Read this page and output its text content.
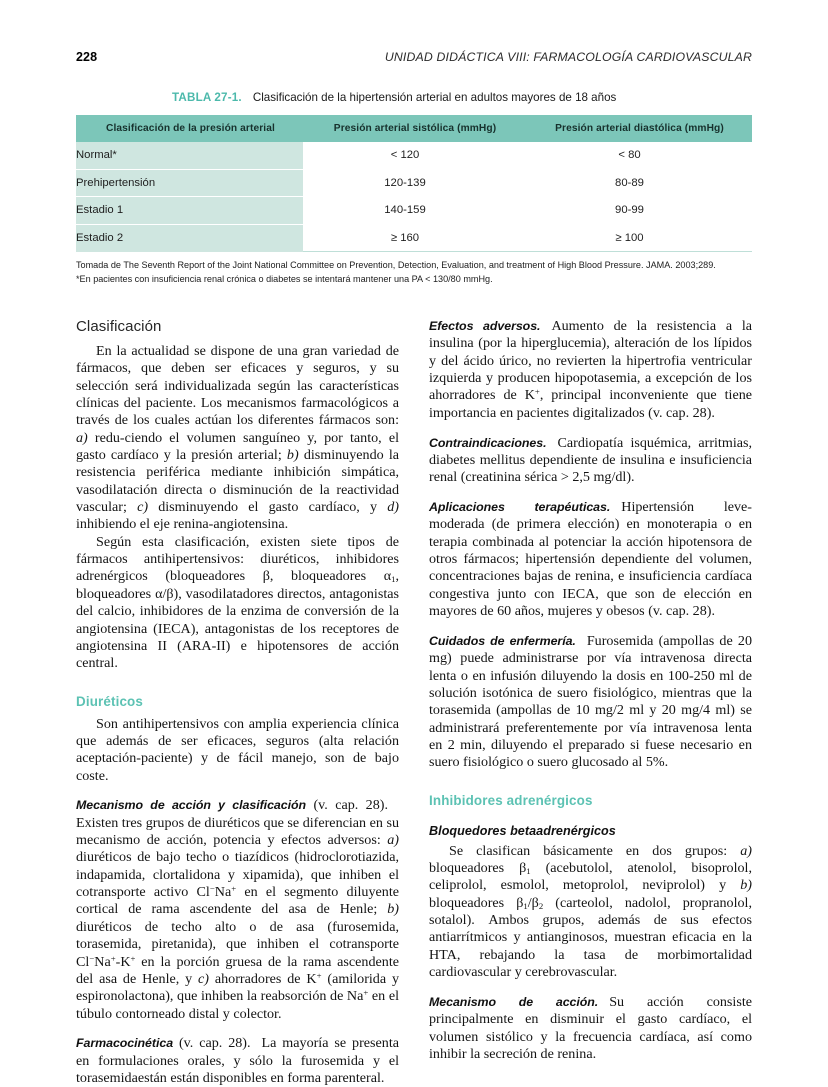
228	UNIDAD DIDÁCTICA VIII: FARMACOLOGÍA CARDIOVASCULAR
TABLA 27-1. Clasificación de la hipertensión arterial en adultos mayores de 18 años
Clasificación de la presión arterial	Presión arterial sistólica (mmHg)	Presión arterial diastólica (mmHg)
Normal*	< 120	< 80
Prehipertensión	120-139	80-89
Estadio 1	140-159	90-99
Estadio 2	≥ 160	≥ 100

Tomada de The Seventh Report of the Joint National Committee on Prevention, Detection, Evaluation, and treatment of High Blood Pressure. JAMA. 2003;289.

*En pacientes con insuficiencia renal crónica o diabetes se intentará mantener una PA < 130/80 mmHg.

Clasificación

En la actualidad se dispone de una gran variedad de fármacos, que deben ser eficaces y seguros, y su selección será individualizada según las características clínicas del paciente. Los mecanismos farmacológicos a través de los cuales actúan los diferentes fármacos son: a) redu-ciendo el volumen sanguíneo y, por tanto, el gasto cardíaco y la presión arterial; b) disminuyendo la resistencia periférica mediante inhibición simpática, vasodilatación directa o disminución de la reactividad vascular; c) disminuyendo el gasto cardíaco, y d) inhibiendo el eje renina-angiotensina.

Según esta clasificación, existen siete tipos de fármacos antihipertensivos: diuréticos, inhibidores adrenérgicos (bloqueadores β, bloqueadores $\alpha_1$, bloqueadores α/β), vasodilatadores directos, antagonistas del calcio, inhibidores de la enzima de conversión de la angiotensina (IECA), antagonistas de los receptores de angiotensina II (ARA-II) e hipotensores de acción central.

Diuréticos

Son antihipertensivos con amplia experiencia clínica que además de ser eficaces, seguros (alta relación aceptación-paciente) y de fácil manejo, son de bajo coste.

Mecanismo de acción y clasificación (v. cap. 28).Existen tres grupos de diuréticos que se diferencian en su mecanismo de acción, potencia y efectos adversos: a) diuréticos de bajo techo o tiazídicos (hidroclorotiazida, indapamida, clortalidona y xipamida), que inhiben el cotransporte activo Cl−Na+ en el segmento diluyente cortical de rama ascendente del asa de Henle; b) diuréticos de techo alto o de asa (furosemida, torasemida, piretanida), que inhiben el cotransporte Cl−Na+-K+ en la porción gruesa de la rama ascendente del asa de Henle, y c) ahorradores de K+ (amilorida y espironolactona), que inhiben la reabsorción de Na+ en el túbulo contorneado distal y colector.

Farmacocinética (v. cap. 28). La mayoría se presenta en formulaciones orales, y sólo la furosemida y el torasemidaestán están disponibles en forma parenteral.

Efectos adversos. Aumento de la resistencia a la insulina (por la hiperglucemia), alteración de los lípidos y del ácido úrico, no revierten la hipertrofia ventricular izquierda y producen hipopotasemia, a excepción de los ahorradores de K+, principal inconveniente que tiene importancia en pacientes digitalizados (v. cap. 28).

Contraindicaciones. Cardiopatía isquémica, arritmias, diabetes mellitus dependiente de insulina e insuficiencia renal (creatinina sérica > 2,5 mg/dl).

Aplicaciones terapéuticas. Hipertensión leve-moderada (de primera elección) en monoterapia o en terapia combinada al potenciar la acción hipotensora de otros fármacos; hipertensión dependiente del volumen, concentraciones bajas de renina, e insuficiencia cardíaca congestiva junto con IECA, que son de elección en mayores de 60 años, mujeres y obesos (v. cap. 28).

Cuidados de enfermería. Furosemida (ampollas de 20 mg) puede administrarse por vía intravenosa directa lenta o en infusión diluyendo la dosis en 100-250 ml de solución isotónica de suero fisiológico, mientras que la torasemida (ampollas de 10 mg/2 ml y 20 mg/4 ml) se administrará preferentemente por vía intravenosa lenta en 2 min, diluyendo el preparado si fuese necesario en suero fisiológico o suero glucosado al 5%.

Inhibidores adrenérgicos
Bloquedores betaadrenérgicos

Se clasifican básicamente en dos grupos: a) bloqueadores $\beta_1$ (acebutolol, atenolol, bisoprolol, celiprolol, esmolol, metoprolol, neviprolol) y b) bloqueadores $\beta_1/\beta_2$ (carteolol, nadolol, propranolol, sotalol). Ambos grupos, además de sus efectos antiarrítmicos y antianginosos, muestran eficacia en la HTA, rebajando la tasa de morbimortalidad cardiovascular y cerebrovascular.

Mecanismo de acción. Su acción consiste principalmente en disminuir el gasto cardíaco, el volumen sistólico y la frecuencia cardíaca, así como inhibir la secreción de renina.
